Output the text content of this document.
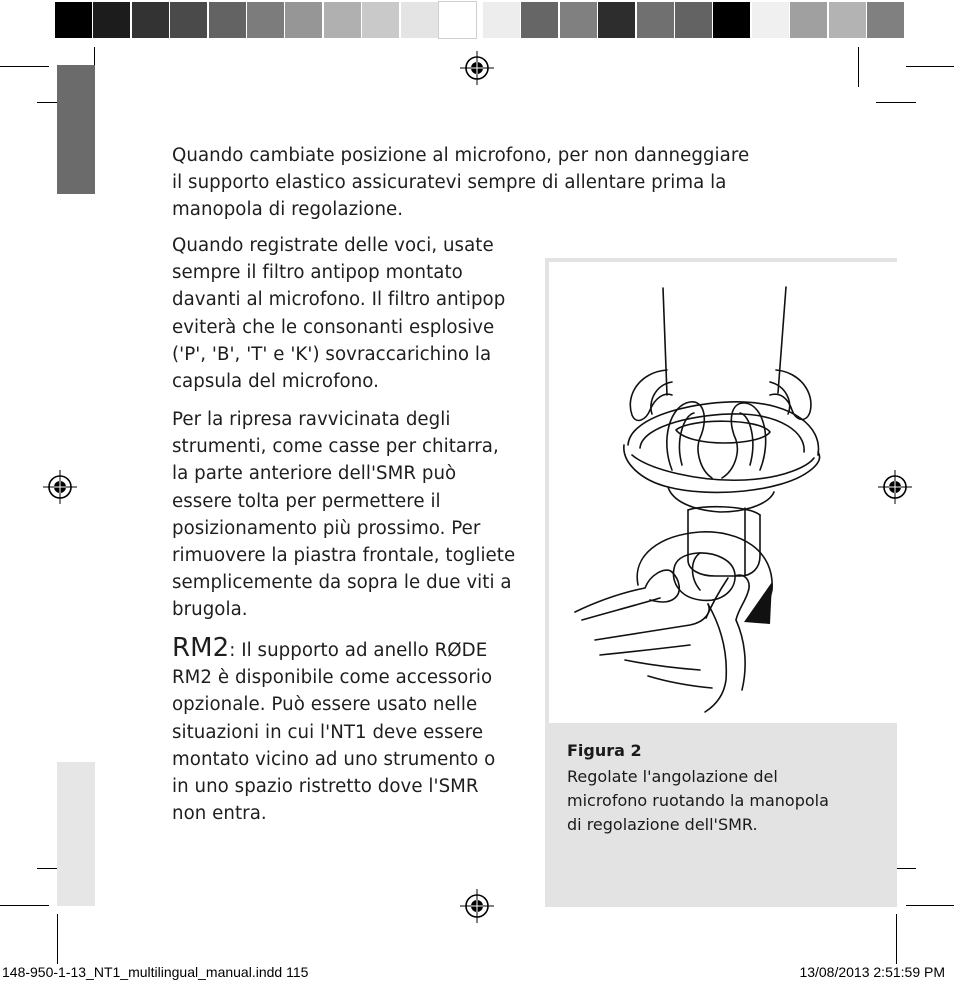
Quando cambiate posizione al microfono, per non danneggiare
il supporto elastico assicuratevi sempre di allentare prima la
manopola di regolazione.
Quando registrate delle voci, usate
sempre il filtro antipop montato
davanti al microfono. Il filtro antipop
eviterà che le consonanti esplosive
('P', 'B', 'T' e 'K') sovraccarichino la
capsula del microfono.
Per la ripresa ravvicinata degli
strumenti, come casse per chitarra,
la parte anteriore dell'SMR può
essere tolta per permettere il
posizionamento più prossimo. Per
rimuovere la piastra frontale, togliete
semplicemente da sopra le due viti a
brugola.
RM2: Il supporto ad anello RØDE
RM2 è disponibile come accessorio
opzionale. Può essere usato nelle
situazioni in cui l'NT1 deve essere
montato vicino ad uno strumento o
in uno spazio ristretto dove l'SMR
non entra.
Figura 2
Regolate l'angolazione del
microfono ruotando la manopola
di regolazione dell'SMR.
148-950-1-13_NT1_multilingual_manual.indd 115	13/08/2013 2:51:59 PM
